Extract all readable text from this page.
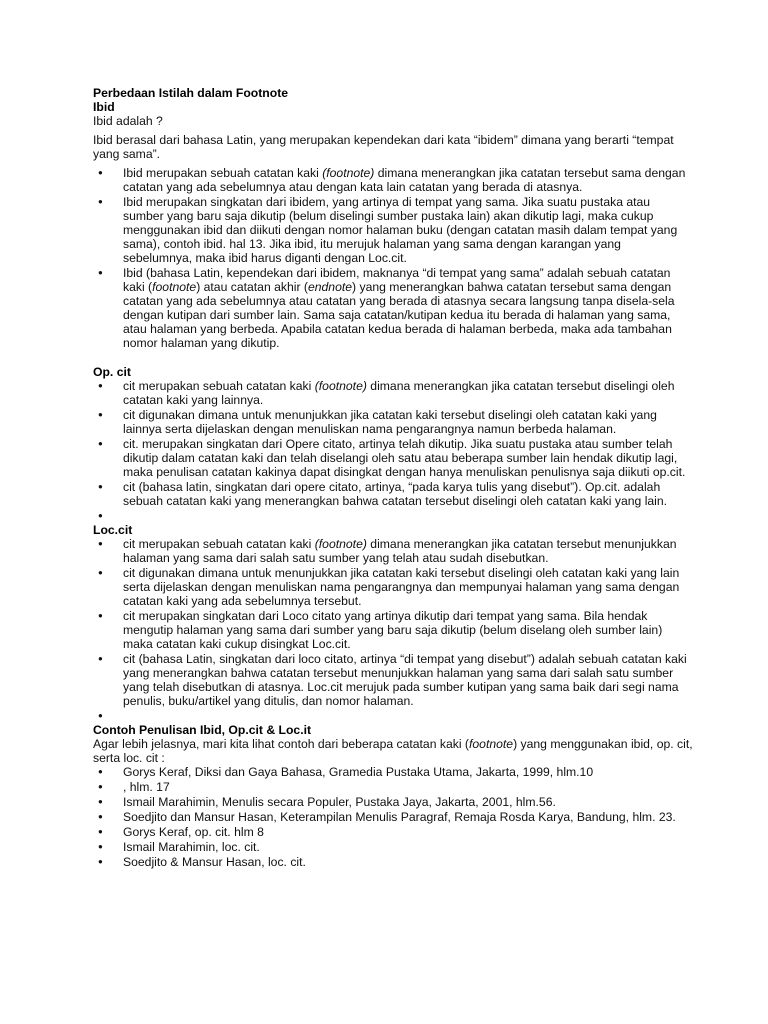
Perbedaan Istilah dalam Footnote
Ibid

Ibid adalah ?

Ibid berasal dari bahasa Latin, yang merupakan kependekan dari kata “ibidem” dimana yang berarti “tempat yang sama”.

● Ibid merupakan sebuah catatan kaki (footnote) dimana menerangkan jika catatan tersebut sama dengan catatan yang ada sebelumnya atau dengan kata lain catatan yang berada di atasnya.
● Ibid merupakan singkatan dari ibidem, yang artinya di tempat yang sama. Jika suatu pustaka atau sumber yang baru saja dikutip (belum diselingi sumber pustaka lain) akan dikutip lagi, maka cukup menggunakan ibid dan diikuti dengan nomor halaman buku (dengan catatan masih dalam tempat yang sama), contoh ibid. hal 13. Jika ibid, itu merujuk halaman yang sama dengan karangan yang sebelumnya, maka ibid harus diganti dengan Loc.cit.
● Ibid (bahasa Latin, kependekan dari ibidem, maknanya “di tempat yang sama” adalah sebuah catatan kaki (footnote) atau catatan akhir (endnote) yang menerangkan bahwa catatan tersebut sama dengan catatan yang ada sebelumnya atau catatan yang berada di atasnya secara langsung tanpa disela-sela dengan kutipan dari sumber lain. Sama saja catatan/kutipan kedua itu berada di halaman yang sama, atau halaman yang berbeda. Apabila catatan kedua berada di halaman berbeda, maka ada tambahan nomor halaman yang dikutip.
Op. cit
● cit merupakan sebuah catatan kaki (footnote) dimana menerangkan jika catatan tersebut diselingi oleh catatan kaki yang lainnya.
● cit digunakan dimana untuk menunjukkan jika catatan kaki tersebut diselingi oleh catatan kaki yang lainnya serta dijelaskan dengan menuliskan nama pengarangnya namun berbeda halaman.
● cit. merupakan singkatan dari Opere citato, artinya telah dikutip. Jika suatu pustaka atau sumber telah dikutip dalam catatan kaki dan telah diselangi oleh satu atau beberapa sumber lain hendak dikutip lagi, maka penulisan catatan kakinya dapat disingkat dengan hanya menuliskan penulisnya saja diikuti op.cit.
● cit (bahasa latin, singkatan dari opere citato, artinya, “pada karya tulis yang disebut”). Op.cit. adalah sebuah catatan kaki yang menerangkan bahwa catatan tersebut diselingi oleh catatan kaki yang lain.
●
Loc.cit
● cit merupakan sebuah catatan kaki (footnote) dimana menerangkan jika catatan tersebut menunjukkan halaman yang sama dari salah satu sumber yang telah atau sudah disebutkan.
● cit digunakan dimana untuk menunjukkan jika catatan kaki tersebut diselingi oleh catatan kaki yang lain serta dijelaskan dengan menuliskan nama pengarangnya dan mempunyai halaman yang sama dengan catatan kaki yang ada sebelumnya tersebut.
● cit merupakan singkatan dari Loco citato yang artinya dikutip dari tempat yang sama. Bila hendak mengutip halaman yang sama dari sumber yang baru saja dikutip (belum diselang oleh sumber lain) maka catatan kaki cukup disingkat Loc.cit.
● cit (bahasa Latin, singkatan dari loco citato, artinya “di tempat yang disebut”) adalah sebuah catatan kaki yang menerangkan bahwa catatan tersebut menunjukkan halaman yang sama dari salah satu sumber yang telah disebutkan di atasnya. Loc.cit merujuk pada sumber kutipan yang sama baik dari segi nama penulis, buku/artikel yang ditulis, dan nomor halaman.
●
Contoh Penulisan Ibid, Op.cit & Loc.it

Agar lebih jelasnya, mari kita lihat contoh dari beberapa catatan kaki (footnote) yang menggunakan ibid, op. cit, serta loc. cit :

● Gorys Keraf, Diksi dan Gaya Bahasa, Gramedia Pustaka Utama, Jakarta, 1999, hlm.10
● , hlm. 17
● Ismail Marahimin, Menulis secara Populer, Pustaka Jaya, Jakarta, 2001, hlm.56.
● Soedjito dan Mansur Hasan, Keterampilan Menulis Paragraf, Remaja Rosda Karya, Bandung, hlm. 23.
● Gorys Keraf, op. cit. hlm 8
● Ismail Marahimin, loc. cit.
● Soedjito & Mansur Hasan, loc. cit.
